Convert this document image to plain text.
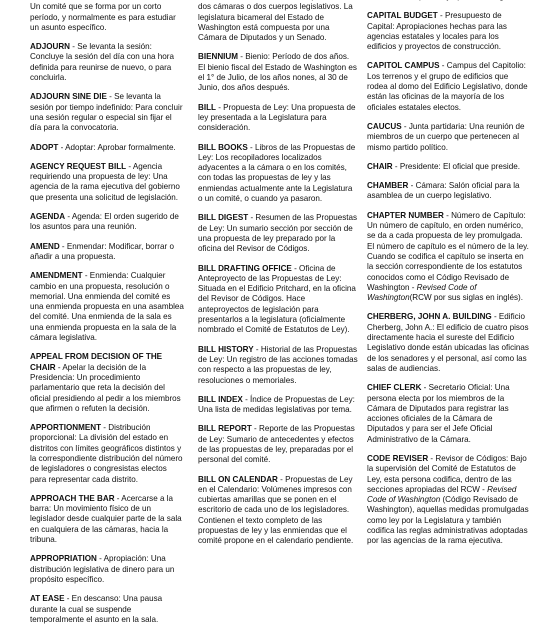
Un comité que se forma por un corto período, y normalmente es para estudiar un asunto específico.

ADJOURN - Se levanta la sesión: Concluye la sesión del día con una hora definida para reunirse de nuevo, o para concluirla.

ADJOURN SINE DIE - Se levanta la sesión por tiempo indefinido: Para concluir una sesión regular o especial sin fijar el día para la convocatoria.

ADOPT - Adoptar: Aprobar formalmente.

AGENCY REQUEST BILL - Agencia requiriendo una propuesta de ley: Una agencia de la rama ejecutiva del gobierno que presenta una solicitud de legislación.

AGENDA - Agenda: El orden sugerido de los asuntos para una reunión.

AMEND - Enmendar: Modificar, borrar o añadir a una propuesta.

AMENDMENT - Enmienda: Cualquier cambio en una propuesta, resolución o memorial. Una enmienda del comité es una enmienda propuesta en una asamblea del comité. Una enmienda de la sala es una enmienda propuesta en la sala de la cámara legislativa.

APPEAL FROM DECISION OF THE CHAIR - Apelar la decisión de la Presidencia: Un procedimiento parlamentario que reta la decisión del oficial presidiendo al pedir a los miembros que afirmen o refuten la decisión.

APPORTIONMENT - Distribución proporcional: La división del estado en distritos con límites geográficos distintos y la correspondiente distribución del número de legisladores o congresistas electos para representar cada distrito.

APPROACH THE BAR - Acercarse a la barra: Un movimiento físico de un legislador desde cualquier parte de la sala en cualquiera de las cámaras, hacia la tribuna.

APPROPRIATION - Apropiación: Una distribución legislativa de dinero para un propósito específico.

AT EASE - En descanso: Una pausa durante la cual se suspende temporalmente el asunto en la sala.

dos cámaras o dos cuerpos legislativos. La legislatura bicameral del Estado de Washington está compuesta por una Cámara de Diputados y un Senado.

BIENNIUM - Bienio: Período de dos años. El bienio fiscal del Estado de Washington es el 1° de Julio, de los años nones, al 30 de Junio, dos años después.

BILL - Propuesta de Ley: Una propuesta de ley presentada a la Legislatura para consideración.

BILL BOOKS - Libros de las Propuestas de Ley: Los recopiladores localizados adyacentes a la cámara o en los comités, con todas las propuestas de ley y las enmiendas actualmente ante la Legislatura o un comité, o cuando ya pasaron.

BILL DIGEST - Resumen de las Propuestas de Ley: Un sumario sección por sección de una propuesta de ley preparado por la oficina del Revisor de Códigos.

BILL DRAFTING OFFICE - Oficina de Anteproyecto de las Propuestas de Ley: Situada en el Edificio Pritchard, en la oficina del Revisor de Códigos. Hace anteproyectos de legislación para presentarlos a la legislatura (oficialmente nombrado el Comité de Estatutos de Ley).

BILL HISTORY - Historial de las Propuestas de Ley: Un registro de las acciones tomadas con respecto a las propuestas de ley, resoluciones o memoriales.

BILL INDEX - Índice de Propuestas de Ley: Una lista de medidas legislativas por tema.

BILL REPORT - Reporte de las Propuestas de Ley: Sumario de antecedentes y efectos de las propuestas de ley, preparadas por el personal del comité.

BILL ON CALENDAR - Propuestas de Ley en el Calendario: Volúmenes impresos con cubiertas amarillas que se ponen en el escritorio de cada uno de los legisladores. Contienen el texto completo de las propuestas de ley y las enmiendas que el comité propone en el calendario pendiente.

CAPITAL BUDGET - Presupuesto de Capital: Apropiaciones hechas para las agencias estatales y locales para los edificios y proyectos de construcción.

CAPITOL CAMPUS - Campus del Capitolio: Los terrenos y el grupo de edificios que rodea al domo del Edificio Legislativo, donde están las oficinas de la mayoría de los oficiales estatales electos.

CAUCUS - Junta partidaria: Una reunión de miembros de un cuerpo que pertenecen al mismo partido político.

CHAIR - Presidente: El oficial que preside.

CHAMBER - Cámara: Salón oficial para la asamblea de un cuerpo legislativo.

CHAPTER NUMBER - Número de Capítulo: Un número de capítulo, en orden numérico, se da a cada propuesta de ley promulgada. El número de capítulo es el número de la ley. Cuando se codifica el capítulo se inserta en la sección correspondiente de los estatutos conocidos como el Código Revisado de Washington - Revised Code of Washington(RCW por sus siglas en inglés).

CHERBERG, JOHN A. BUILDING - Edificio Cherberg, John A.: El edificio de cuatro pisos directamente hacia el sureste del Edificio Legislativo donde están ubicadas las oficinas de los senadores y el personal, así como las salas de audiencias.

CHIEF CLERK - Secretario Oficial: Una persona electa por los miembros de la Cámara de Diputados para registrar las acciones oficiales de la Cámara de Diputados y para ser el Jefe Oficial Administrativo de la Cámara.

CODE REVISER - Revisor de Códigos: Bajo la supervisión del Comité de Estatutos de Ley, esta persona codifica, dentro de las secciones apropiadas del RCW - Revised Code of Washington (Código Revisado de Washington), aquellas medidas promulgadas como ley por la Legislatura y también codifica las reglas administrativas adoptadas por las agencias de la rama ejecutiva.
